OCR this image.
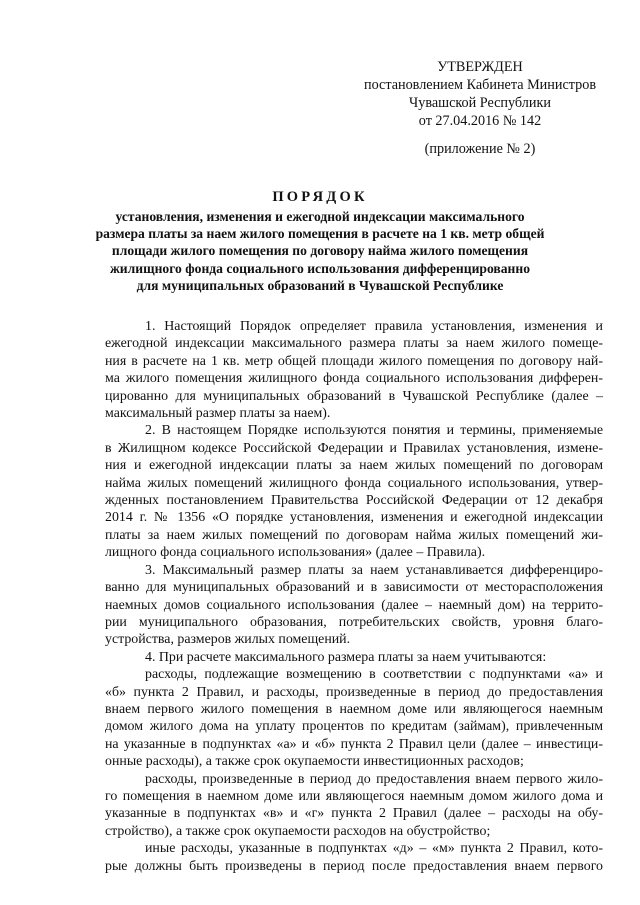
УТВЕРЖДЕН
постановлением Кабинета Министров
Чувашской Республики
от 27.04.2016 № 142
(приложение № 2)
ПОРЯДОК
установления, изменения и ежегодной индексации максимального
размера платы за наем жилого помещения в расчете на 1 кв. метр общей
площади жилого помещения по договору найма жилого помещения
жилищного фонда социального использования дифференцированно
для муниципальных образований в Чувашской Республике
1. Настоящий Порядок определяет правила установления, изменения и
ежегодной индексации максимального размера платы за наем жилого помеще-
ния в расчете на 1 кв. метр общей площади жилого помещения по договору най-
ма жилого помещения жилищного фонда социального использования дифферен-
цированно для муниципальных образований в Чувашской Республике (далее –
максимальный размер платы за наем).
2. В настоящем Порядке используются понятия и термины, применяемые
в Жилищном кодексе Российской Федерации и Правилах установления, измене-
ния и ежегодной индексации платы за наем жилых помещений по договорам
найма жилых помещений жилищного фонда социального использования, утвер-
жденных постановлением Правительства Российской Федерации от 12 декабря
2014 г. № 1356 «О порядке установления, изменения и ежегодной индексации
платы за наем жилых помещений по договорам найма жилых помещений жи-
лищного фонда социального использования» (далее – Правила).
3. Максимальный размер платы за наем устанавливается дифференциро-
ванно для муниципальных образований и в зависимости от месторасположения
наемных домов социального использования (далее – наемный дом) на террито-
рии муниципального образования, потребительских свойств, уровня благо-
устройства, размеров жилых помещений.
4. При расчете максимального размера платы за наем учитываются:
расходы, подлежащие возмещению в соответствии с подпунктами «а» и
«б» пункта 2 Правил, и расходы, произведенные в период до предоставления
внаем первого жилого помещения в наемном доме или являющегося наемным
домом жилого дома на уплату процентов по кредитам (займам), привлеченным
на указанные в подпунктах «а» и «б» пункта 2 Правил цели (далее – инвестици-
онные расходы), а также срок окупаемости инвестиционных расходов;
расходы, произведенные в период до предоставления внаем первого жило-
го помещения в наемном доме или являющегося наемным домом жилого дома и
указанные в подпунктах «в» и «г» пункта 2 Правил (далее – расходы на обу-
стройство), а также срок окупаемости расходов на обустройство;
иные расходы, указанные в подпунктах «д» – «м» пункта 2 Правил, кото-
рые должны быть произведены в период после предоставления внаем первого
